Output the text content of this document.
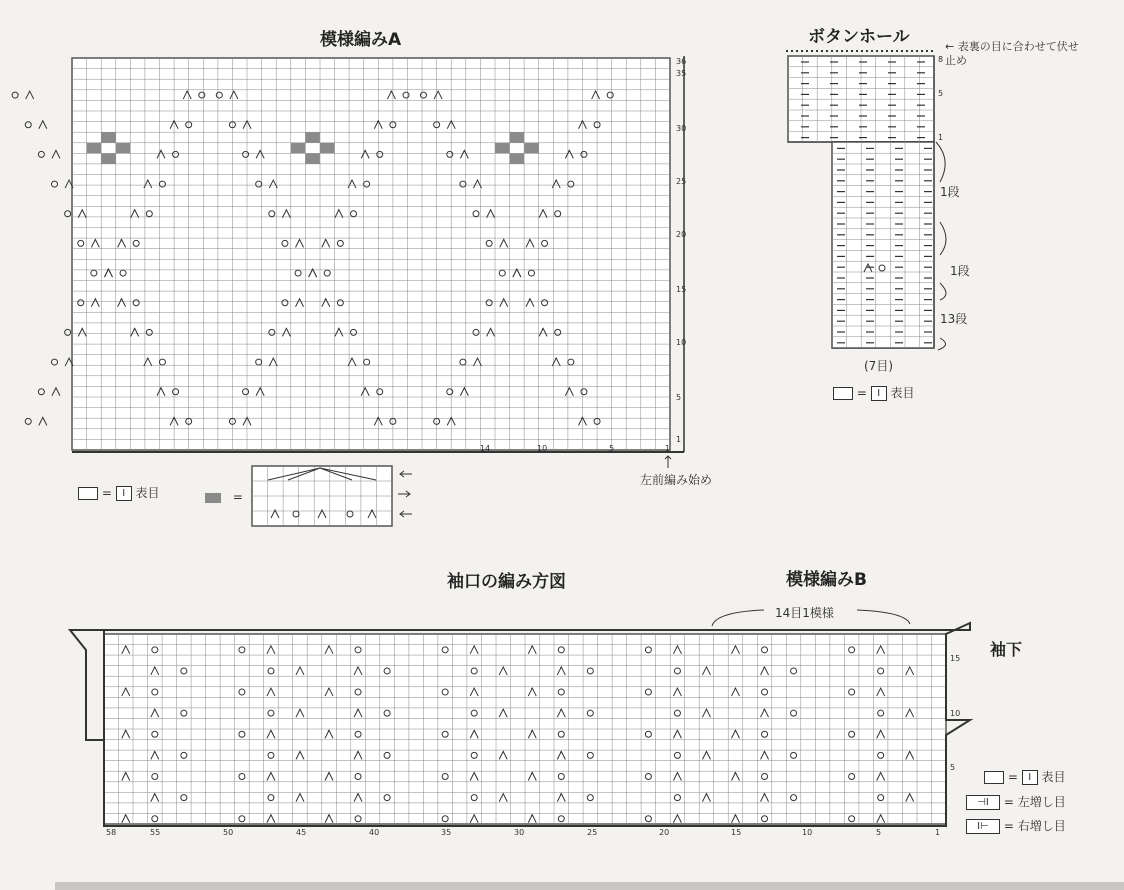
模様編みA
36
35
30
25
20
15
10
5
1
14	10	5	1
8
5
1
15
10
5
58	55	50	45	40	35	30	25	20	15	10	5	1
ボタンホール	← 表裏の目に合わせて伏せ止め
1段
1段
13段
(7目)
= I 表目
= I 表目	=
左前編み始め
袖口の編み方図	模様編みB
14目1模様
袖下
= I 表目
⊣I = 左増し目
I⊢ = 右増し目
